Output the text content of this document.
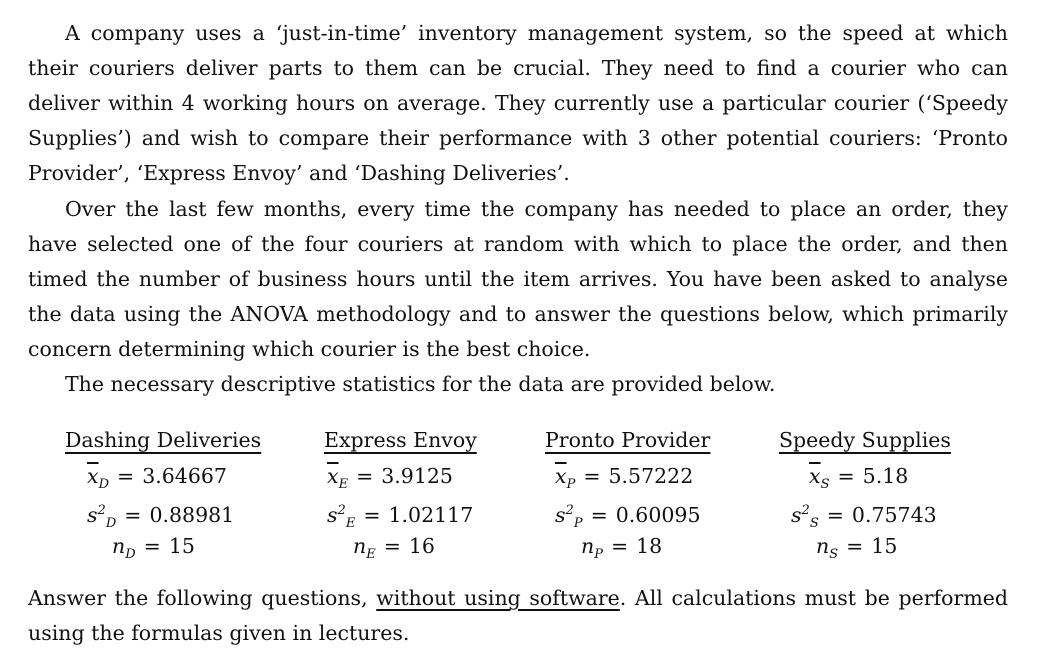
A company uses a ‘just-in-time’ inventory management system, so the speed at which their couriers deliver parts to them can be crucial. They need to find a courier who can deliver within 4 working hours on average. They currently use a particular courier (‘Speedy Supplies’) and wish to compare their performance with 3 other potential couriers: ‘Pronto Provider’, ‘Express Envoy’ and ‘Dashing Deliveries’.

Over the last few months, every time the company has needed to place an order, they have selected one of the four couriers at random with which to place the order, and then timed the number of business hours until the item arrives. You have been asked to analyse the data using the ANOVA methodology and to answer the questions below, which primarily concern determining which courier is the best choice.

The necessary descriptive statistics for the data are provided below.

Dashing Deliveries
$\overline{x}_D = 3.64667$
$s^2_D = 0.88981$
$n_D = 15$
Express Envoy
$\overline{x}_E = 3.9125$
$s^2_E = 1.02117$
$n_E = 16$
Pronto Provider
$\overline{x}_P = 5.57222$
$s^2_P = 0.60095$
$n_P = 18$
Speedy Supplies
$\overline{x}_S = 5.18$
$s^2_S = 0.75743$
$n_S = 15$

Answer the following questions, without using software. All calculations must be performed using the formulas given in lectures.
